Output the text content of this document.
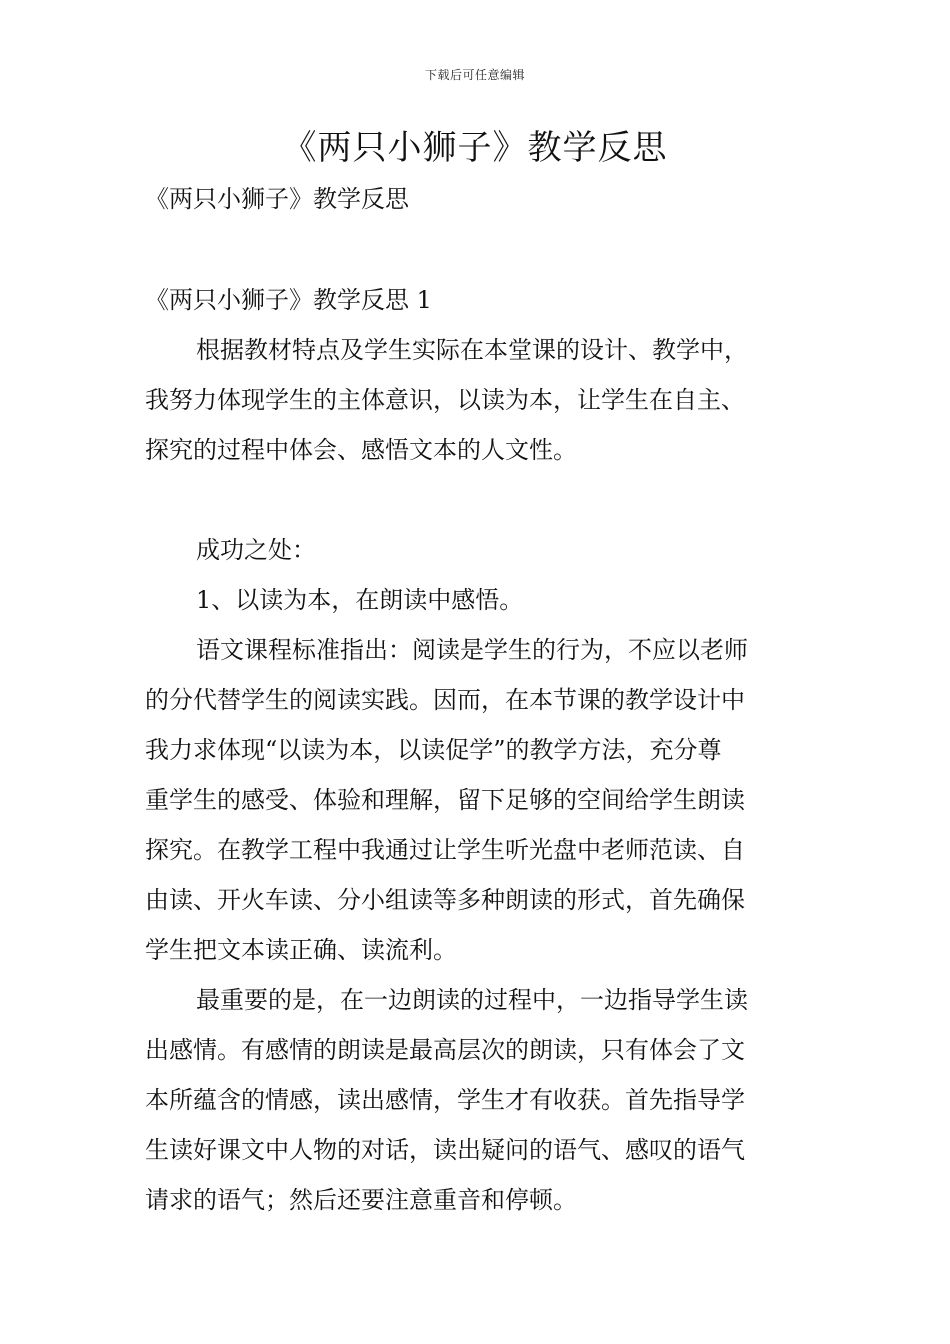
下载后可任意编辑
《两只小狮子》教学反思
《两只小狮子》教学反思
《两只小狮子》教学反思 1
根据教材特点及学生实际在本堂课的设计、教学中，
我努力体现学生的主体意识，以读为本，让学生在自主、
探究的过程中体会、感悟文本的人文性。
成功之处：
1、以读为本，在朗读中感悟。
语文课程标准指出：阅读是学生的行为，不应以老师
的分代替学生的阅读实践。因而，在本节课的教学设计中
我力求体现“以读为本，以读促学”的教学方法，充分尊
重学生的感受、体验和理解，留下足够的空间给学生朗读
探究。在教学工程中我通过让学生听光盘中老师范读、自
由读、开火车读、分小组读等多种朗读的形式，首先确保
学生把文本读正确、读流利。
最重要的是，在一边朗读的过程中，一边指导学生读
出感情。有感情的朗读是最高层次的朗读，只有体会了文
本所蕴含的情感，读出感情，学生才有收获。首先指导学
生读好课文中人物的对话，读出疑问的语气、感叹的语气
请求的语气；然后还要注意重音和停顿。
